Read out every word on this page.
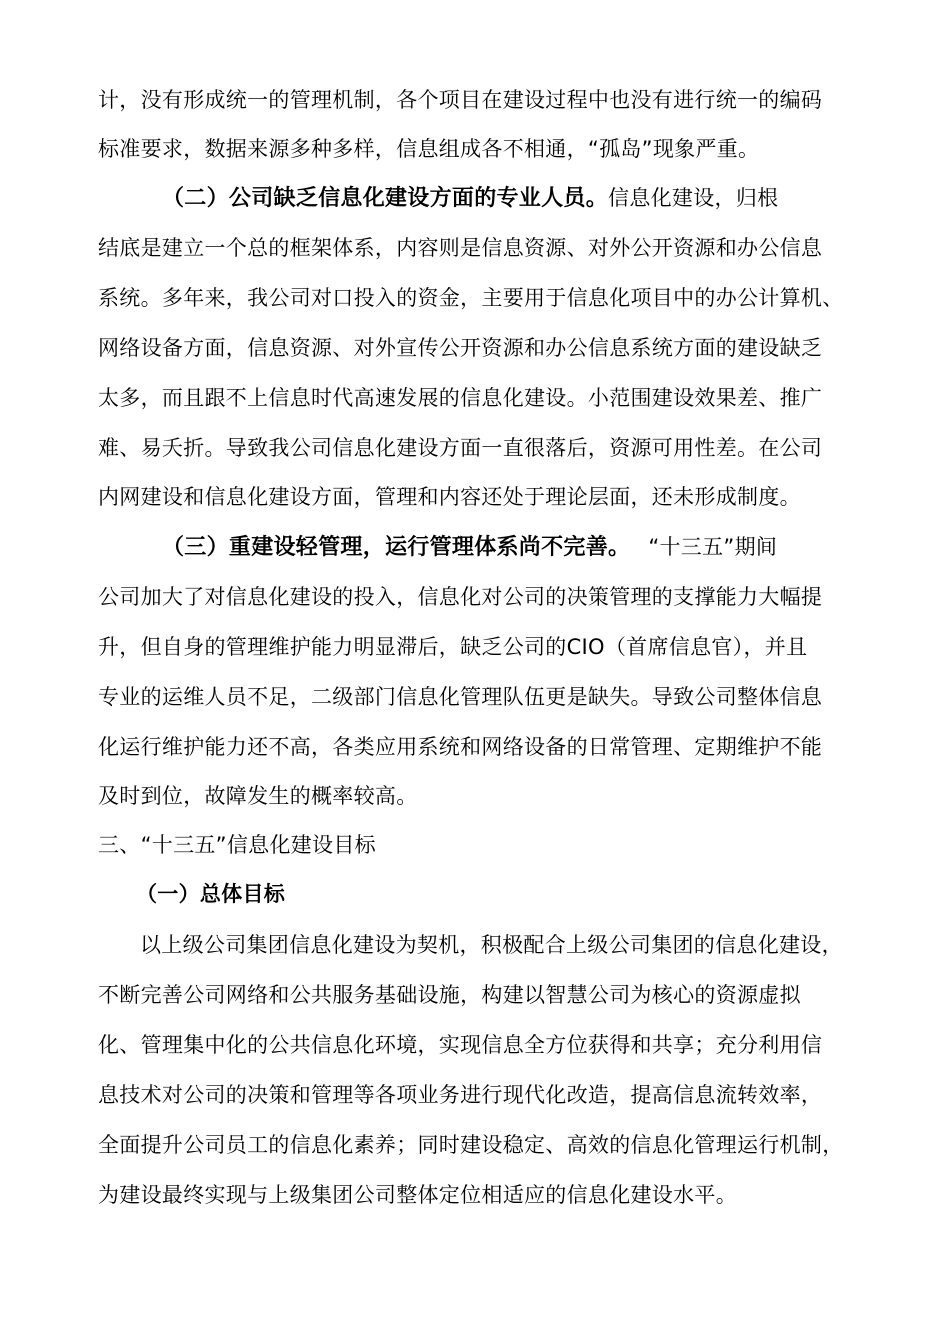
计，没有形成统一的管理机制，各个项目在建设过程中也没有进行统一的编码
标准要求，数据来源多种多样，信息组成各不相通，“孤岛”现象严重。
（二）公司缺乏信息化建设方面的专业人员。信息化建设，归根
结底是建立一个总的框架体系，内容则是信息资源、对外公开资源和办公信息
系统。多年来，我公司对口投入的资金，主要用于信息化项目中的办公计算机、
网络设备方面，信息资源、对外宣传公开资源和办公信息系统方面的建设缺乏
太多，而且跟不上信息时代高速发展的信息化建设。小范围建设效果差、推广
难、易夭折。导致我公司信息化建设方面一直很落后，资源可用性差。在公司
内网建设和信息化建设方面，管理和内容还处于理论层面，还未形成制度。
（三）重建设轻管理，运行管理体系尚不完善。 “十三五”期间
公司加大了对信息化建设的投入，信息化对公司的决策管理的支撑能力大幅提
升，但自身的管理维护能力明显滞后，缺乏公司的CIO（首席信息官），并且
专业的运维人员不足，二级部门信息化管理队伍更是缺失。导致公司整体信息
化运行维护能力还不高，各类应用系统和网络设备的日常管理、定期维护不能
及时到位，故障发生的概率较高。
三、“十三五”信息化建设目标
（一）总体目标
以上级公司集团信息化建设为契机，积极配合上级公司集团的信息化建设，
不断完善公司网络和公共服务基础设施，构建以智慧公司为核心的资源虚拟
化、管理集中化的公共信息化环境，实现信息全方位获得和共享；充分利用信
息技术对公司的决策和管理等各项业务进行现代化改造，提高信息流转效率，
全面提升公司员工的信息化素养；同时建设稳定、高效的信息化管理运行机制，
为建设最终实现与上级集团公司整体定位相适应的信息化建设水平。
